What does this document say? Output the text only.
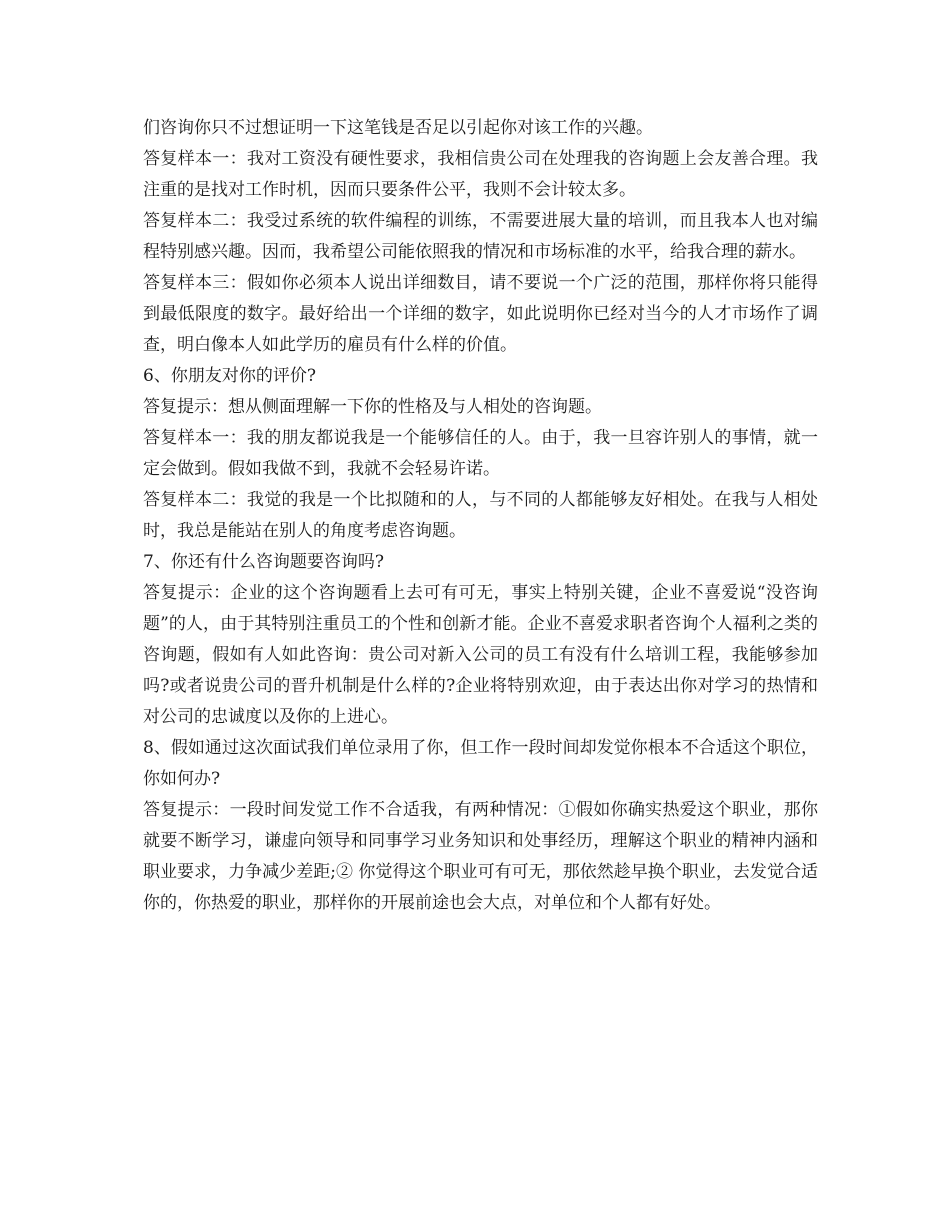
们咨询你只不过想证明一下这笔钱是否足以引起你对该工作的兴趣。

答复样本一：我对工资没有硬性要求，我相信贵公司在处理我的咨询题上会友善合理。我注重的是找对工作时机，因而只要条件公平，我则不会计较太多。

答复样本二：我受过系统的软件编程的训练，不需要进展大量的培训，而且我本人也对编程特别感兴趣。因而，我希望公司能依照我的情况和市场标准的水平，给我合理的薪水。

答复样本三：假如你必须本人说出详细数目，请不要说一个广泛的范围，那样你将只能得到最低限度的数字。最好给出一个详细的数字，如此说明你已经对当今的人才市场作了调查，明白像本人如此学历的雇员有什么样的价值。

6、你朋友对你的评价?

答复提示：想从侧面理解一下你的性格及与人相处的咨询题。

答复样本一：我的朋友都说我是一个能够信任的人。由于，我一旦容许别人的事情，就一定会做到。假如我做不到，我就不会轻易许诺。

答复样本二：我觉的我是一个比拟随和的人，与不同的人都能够友好相处。在我与人相处时，我总是能站在别人的角度考虑咨询题。

7、你还有什么咨询题要咨询吗?

答复提示：企业的这个咨询题看上去可有可无，事实上特别关键，企业不喜爱说“没咨询题”的人，由于其特别注重员工的个性和创新才能。企业不喜爱求职者咨询个人福利之类的咨询题，假如有人如此咨询：贵公司对新入公司的员工有没有什么培训工程，我能够参加吗?或者说贵公司的晋升机制是什么样的?企业将特别欢迎，由于表达出你对学习的热情和对公司的忠诚度以及你的上进心。

8、假如通过这次面试我们单位录用了你，但工作一段时间却发觉你根本不合适这个职位，你如何办?

答复提示：一段时间发觉工作不合适我，有两种情况：①假如你确实热爱这个职业，那你就要不断学习，谦虚向领导和同事学习业务知识和处事经历，理解这个职业的精神内涵和职业要求，力争减少差距;② 你觉得这个职业可有可无，那依然趁早换个职业，去发觉合适你的，你热爱的职业，那样你的开展前途也会大点，对单位和个人都有好处。
